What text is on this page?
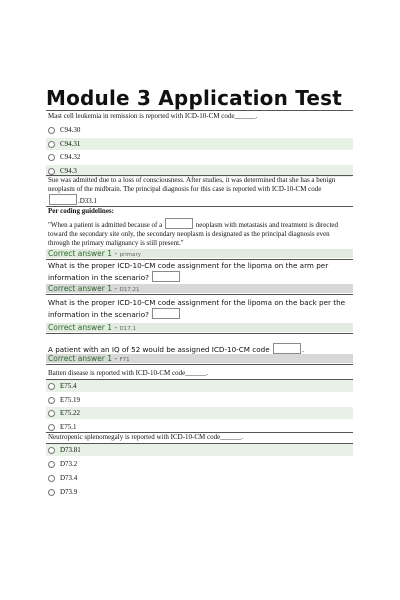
Module 3 Application Test
Mast cell leukemia in remission is reported with ICD-10-CM code______.
C94.30
C94.31
C94.32
C94.3
Sue was admitted due to a loss of consciousness. After studies, it was determined that she has a benign neoplasm of the midbrain. The principal diagnosis for this case is reported with ICD-10-CM code .D33.1
Per coding guidelines:
"When a patient is admitted because of a	neoplasm with metastasis and treatment is directed toward the secondary site only, the secondary neoplasm is designated as the principal diagnosis even through the primary malignancy is still present."
Correct answer 1 - primary
What is the proper ICD-10-CM code assignment for the lipoma on the arm per information in the scenario?
Correct answer 1 - D17.21
What is the proper ICD-10-CM code assignment for the lipoma on the back per the information in the scenario?
Correct answer 1 - D17.1
A patient with an IQ of 52 would be assigned ICD-10-CM code	.
Correct answer 1 - F71
Batten disease is reported with ICD-10-CM code______.
E75.4
E75.19
E75.22
E75.1
Neutropenic splenomegaly is reported with ICD-10-CM code______.
D73.81
D73.2
D73.4
D73.9
